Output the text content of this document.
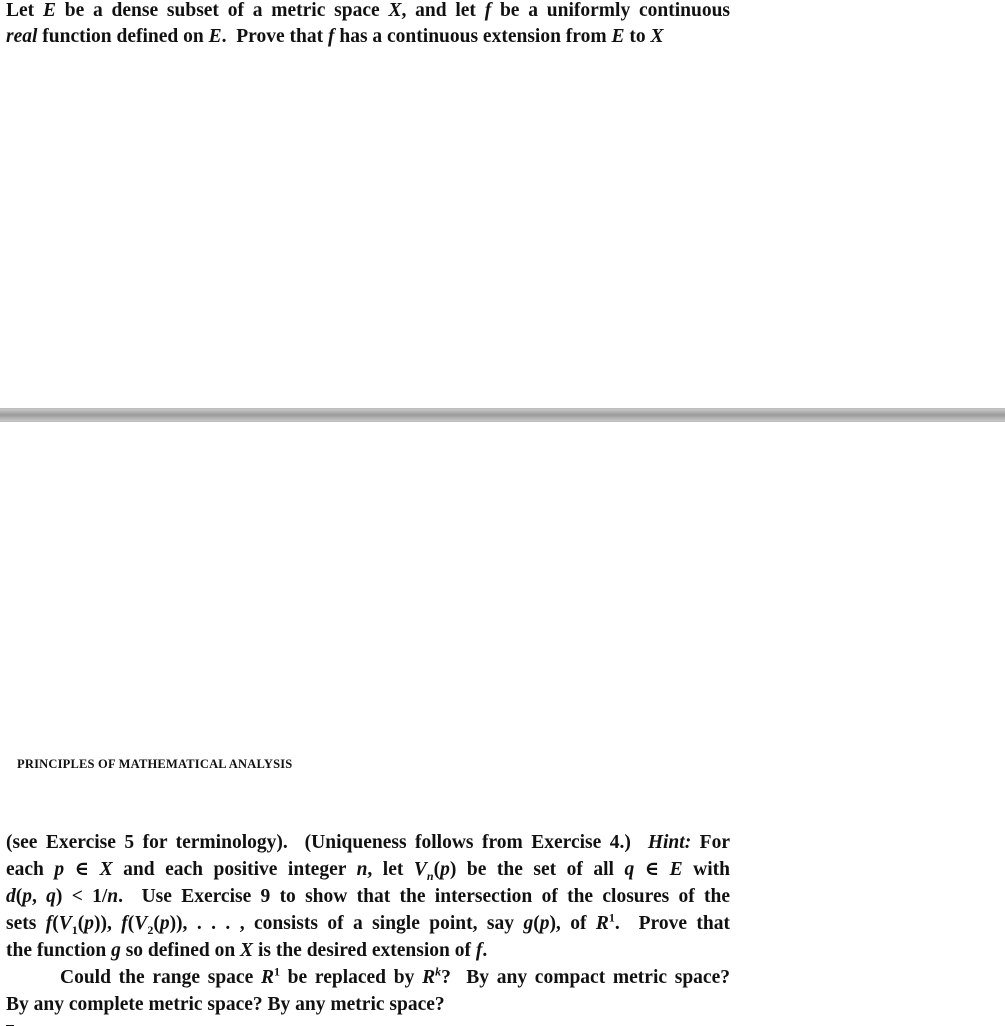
Let E be a dense subset of a metric space X, and let f be a uniformly continuous
real function defined on E.  Prove that f has a continuous extension from E to X
PRINCIPLES OF MATHEMATICAL ANALYSIS
(see Exercise 5 for terminology).  (Uniqueness follows from Exercise 4.)  Hint: For
each p ∈ X and each positive integer n, let $V_n(p)$ be the set of all q ∈ E with
d(p, q) < 1/n.  Use Exercise 9 to show that the intersection of the closures of the
sets $f(V_1(p))$, $f(V_2(p))$, . . . , consists of a single point, say g(p), of $R^1$.  Prove that
the function g so defined on X is the desired extension of f.
Could the range space $R^1$ be replaced by $R^k$?  By any compact metric space?
By any complete metric space? By any metric space?
